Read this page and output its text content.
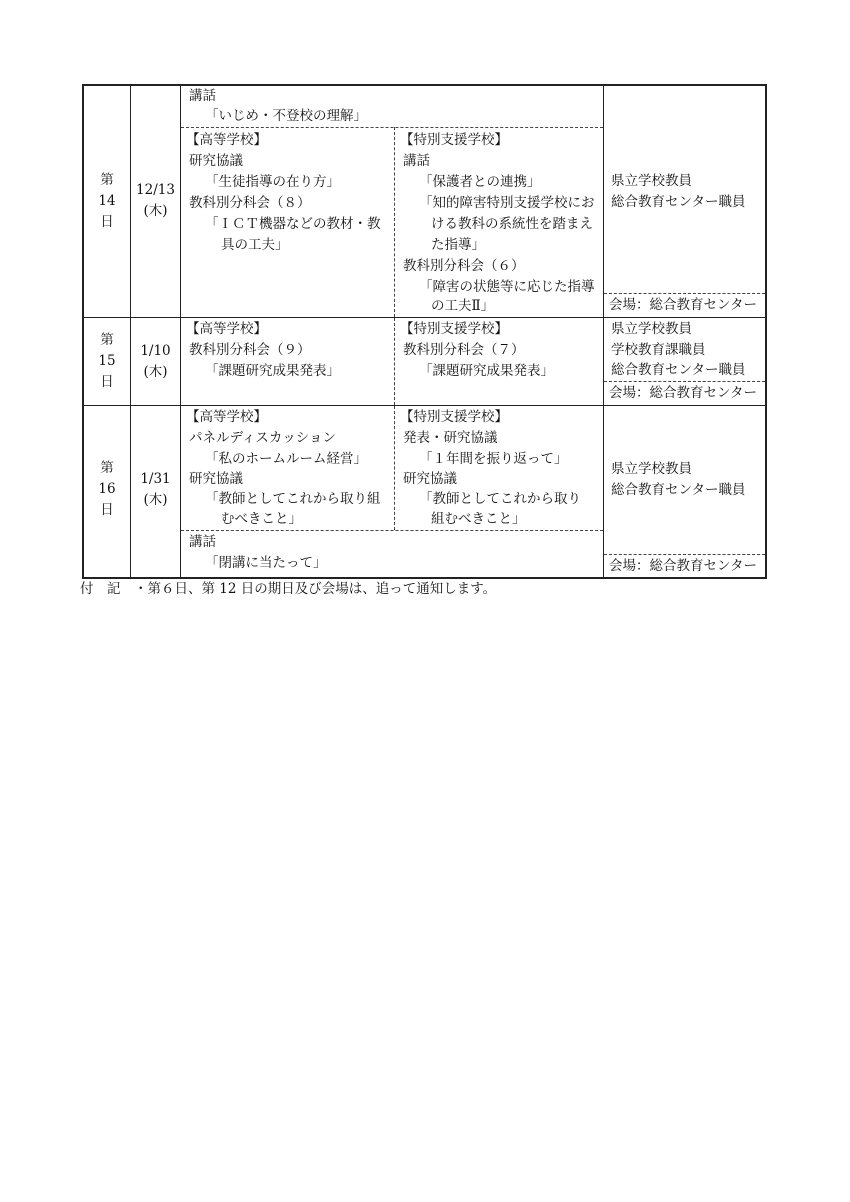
第
14
日
12/13
(木)
講話
「いじめ・不登校の理解」
【高等学校】
研究協議
「生徒指導の在り方」
教科別分科会（８）
「ＩＣＴ機器などの教材・教
具の工夫」
【特別支援学校】
講話
「保護者との連携」
「知的障害特別支援学校にお
ける教科の系統性を踏まえ
た指導」
教科別分科会（６）
「障害の状態等に応じた指導
の工夫Ⅱ」
県立学校教員
総合教育センター職員
会場：総合教育センター
第
15
日
1/10
(木)
【高等学校】
教科別分科会（９）
「課題研究成果発表」
【特別支援学校】
教科別分科会（７）
「課題研究成果発表」
県立学校教員
学校教育課職員
総合教育センター職員
会場：総合教育センター
第
16
日
1/31
(木)
【高等学校】
パネルディスカッション
「私のホームルーム経営」
研究協議
「教師としてこれから取り組
むべきこと」
【特別支援学校】
発表・研究協議
「１年間を振り返って」
研究協議
「教師としてこれから取り
組むべきこと」
講話
「閉講に当たって」
県立学校教員
総合教育センター職員
会場：総合教育センター
付　記 ・第６日、第 12 日の期日及び会場は、追って通知します。
